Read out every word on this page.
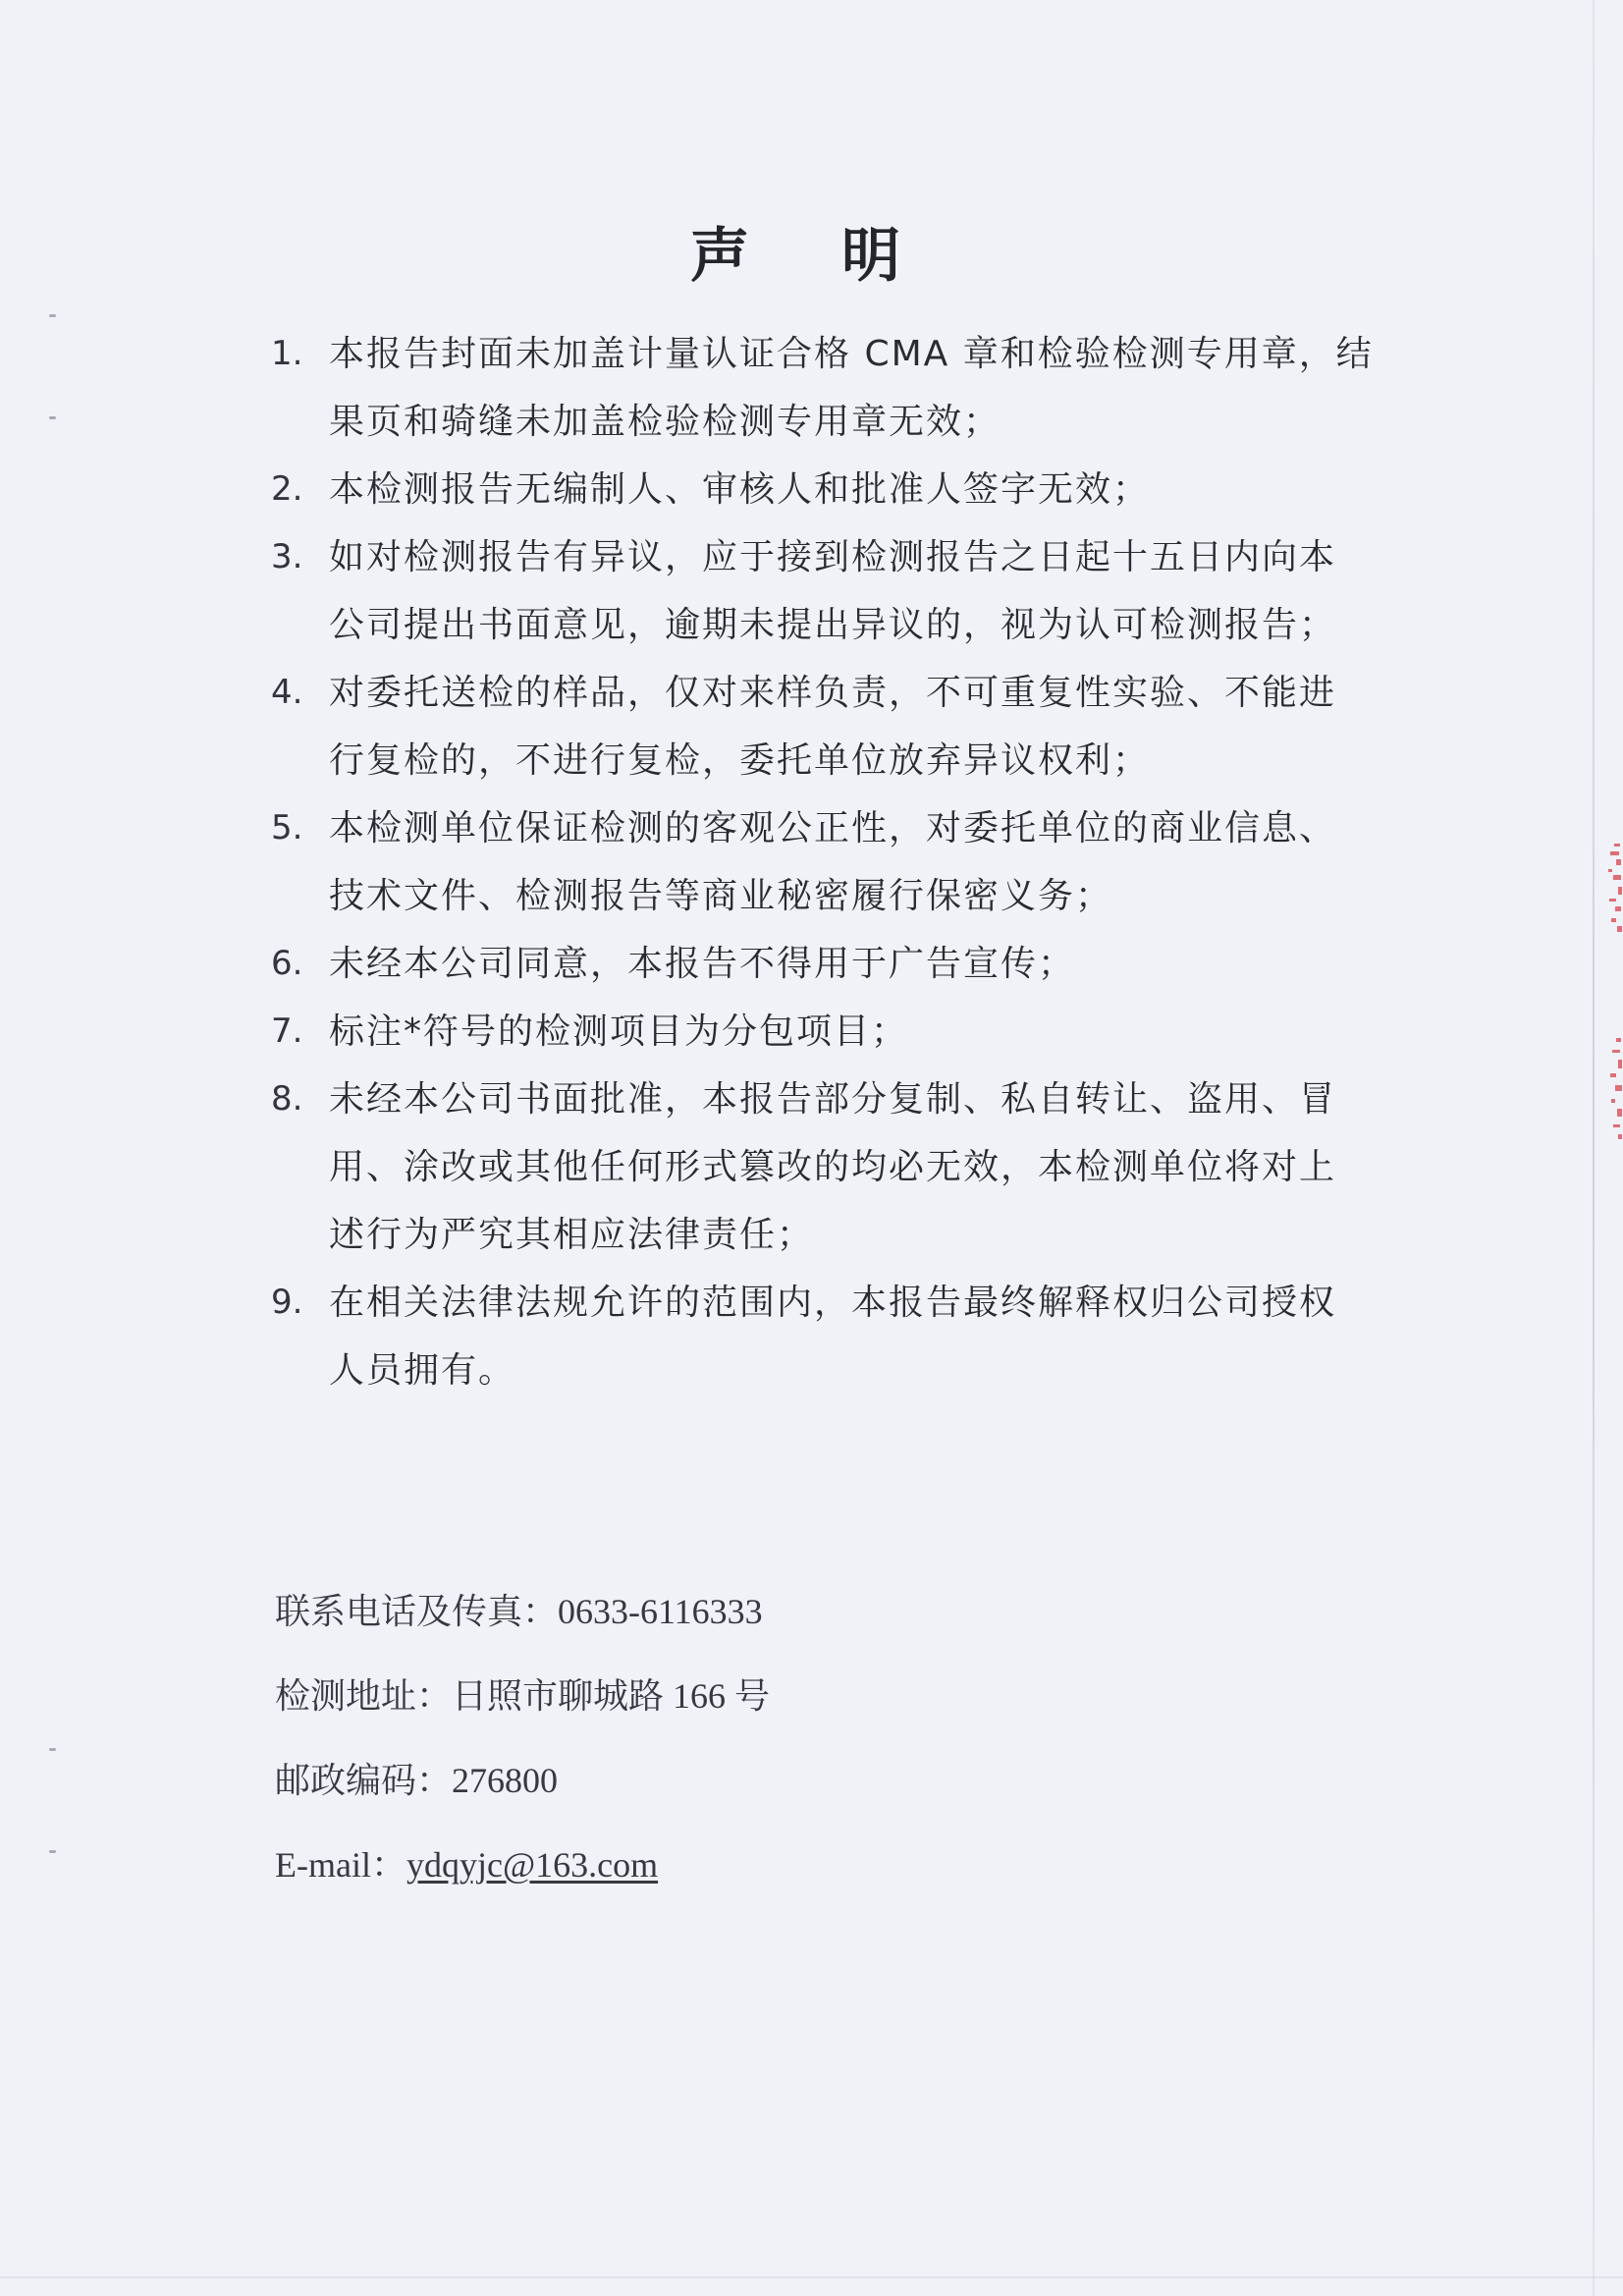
声明
1. 本报告封面未加盖计量认证合格 CMA 章和检验检测专用章，结
果页和骑缝未加盖检验检测专用章无效；
2. 本检测报告无编制人、审核人和批准人签字无效；
3. 如对检测报告有异议，应于接到检测报告之日起十五日内向本
公司提出书面意见，逾期未提出异议的，视为认可检测报告；
4. 对委托送检的样品，仅对来样负责，不可重复性实验、不能进
行复检的，不进行复检，委托单位放弃异议权利；
5. 本检测单位保证检测的客观公正性，对委托单位的商业信息、
技术文件、检测报告等商业秘密履行保密义务；
6. 未经本公司同意，本报告不得用于广告宣传；
7. 标注*符号的检测项目为分包项目；
8. 未经本公司书面批准，本报告部分复制、私自转让、盗用、冒
用、涂改或其他任何形式篡改的均必无效，本检测单位将对上
述行为严究其相应法律责任；
9. 在相关法律法规允许的范围内，本报告最终解释权归公司授权
人员拥有。
联系电话及传真：0633-6116333
检测地址：日照市聊城路 166 号
邮政编码：276800
E-mail：ydqyjc@163.com
